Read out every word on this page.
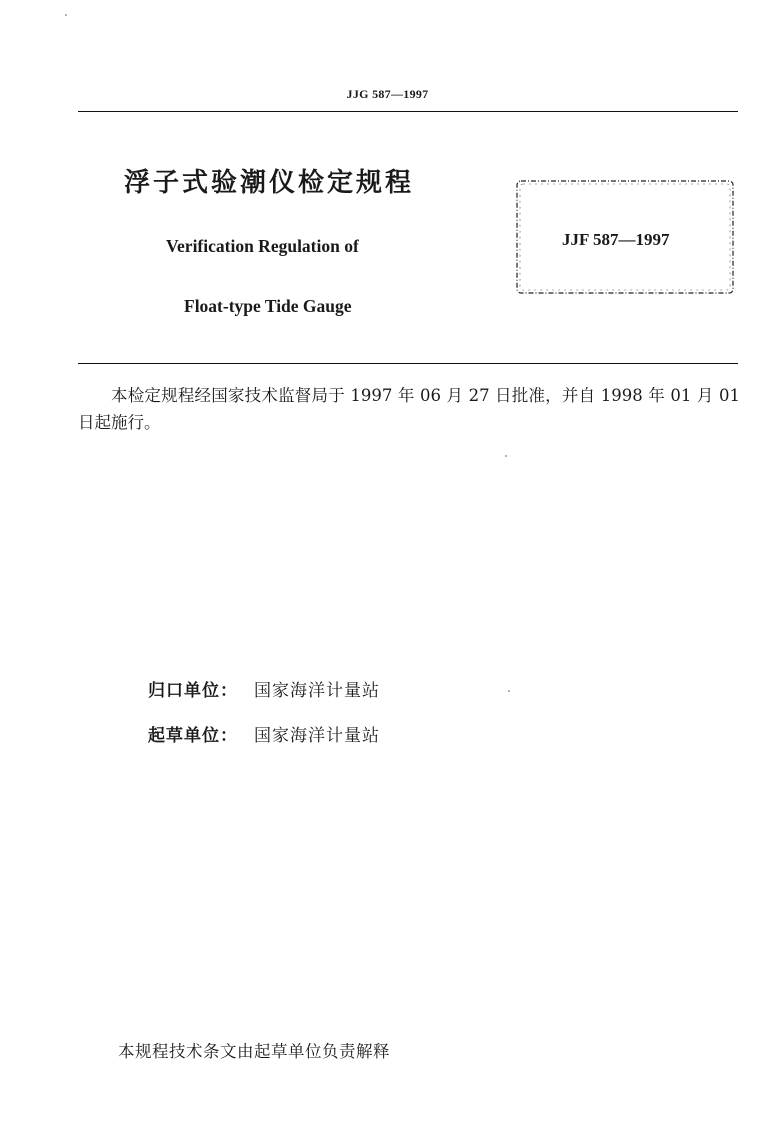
JJG 587—1997
浮子式验潮仪检定规程
Verification Regulation of
Float-type Tide Gauge
JJF 587—1997

本检定规程经国家技术监督局于 1997 年 06 月 27 日批准，并自 1998 年 01 月 01 日起施行。

归口单位： 国家海洋计量站
起草单位： 国家海洋计量站
本规程技术条文由起草单位负责解释
